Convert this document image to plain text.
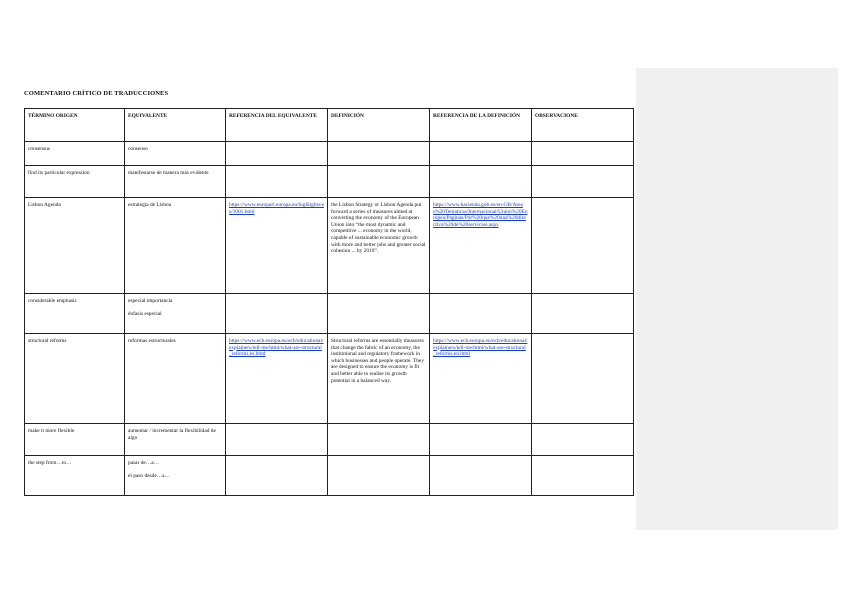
COMENTARIO CRÍTICO DE TRADUCCIONES
TÉRMINO ORIGEN	EQUIVALENTE	REFERENCIA DEL EQUIVALENTE	DEFINICIÓN	REFERENCIA DE LA DEFINICIÓN	OBSERVACIONE
consensus	consenso				
find its particular expression	manifestarse de manera más evidente				
Lisbon Agenda	estrategia de Lisboa	https://www.europarl.europa.eu/highlights/es/1001.html	the Lisbon Strategy or Lisbon Agenda put forward a series of measures aimed at converting the economy of the European Union into “the most dynamic and competitive ... economy in the world, capable of sustainable economic growth with more and better jobs and greater social cohesion ... by 2010”.	https://www.hacienda.gob.es/en-GB/Areas%20Tematicas/Internacional/Union%20Europea/Paginas/Por%20que%20una%20directiva%20de%20servicios.aspx	
considerable emphasis	especial importancia
énfasis especial				

structural reforms	reformas estructurales	https://www.ecb.europa.eu/ecb/educational/explainers/tell-me/html/what-are-structural_reforms.es.html	Structural reforms are essentially measures that change the fabric of an economy, the institutional and regulatory framework in which businesses and people operate. They are designed to ensure the economy is fit and better able to realise its growth potential in a balanced way.	https://www.ecb.europa.eu/ecb/educational/explainers/tell-me/html/what-are-structural_reforms.en.html	
make it more flexible	aumentar / incrementar la flexibilidad de algo				
the step from…to…	pasar de…a…
el paso desde…a…				
